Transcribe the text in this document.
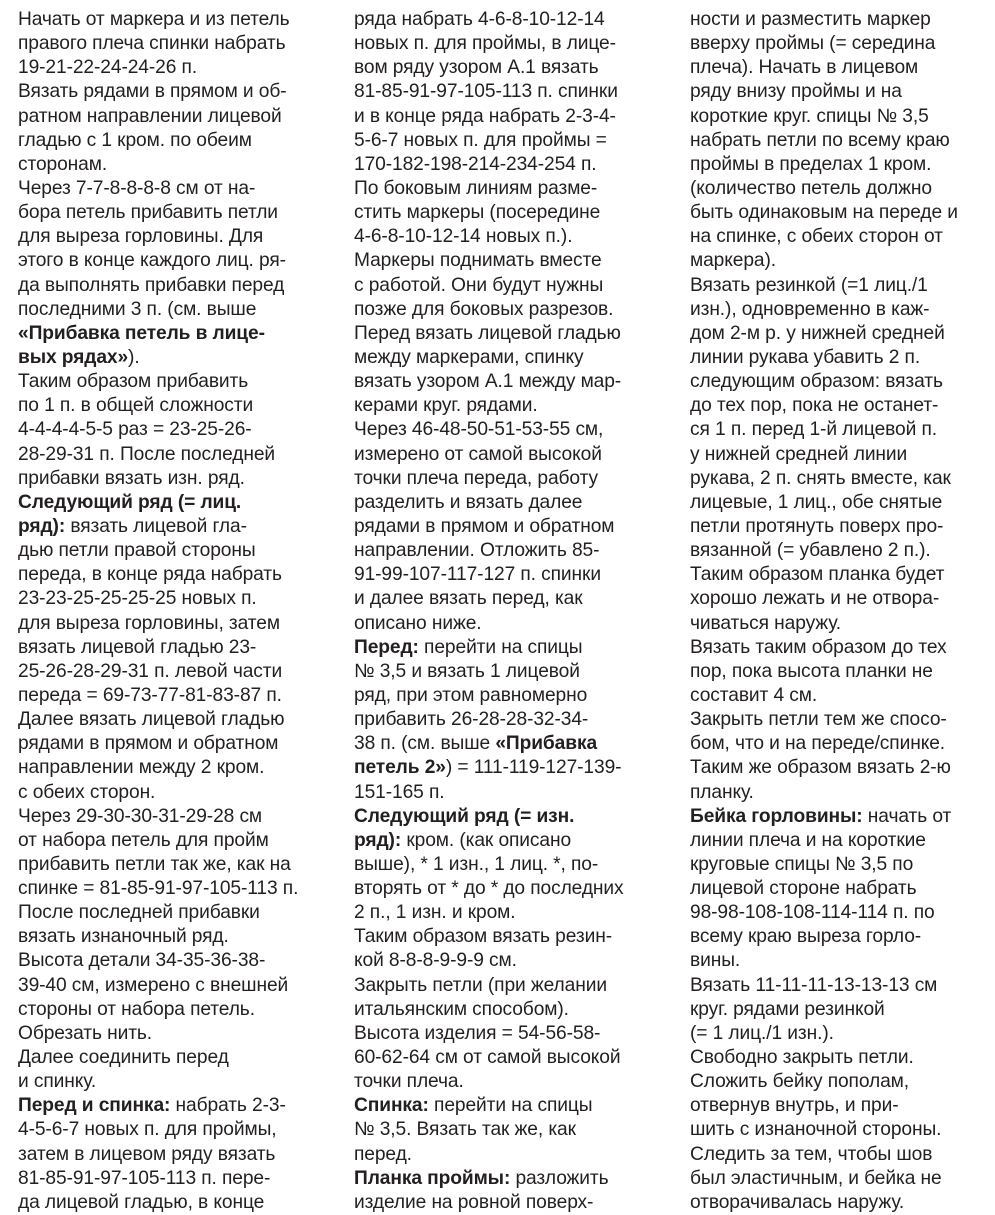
Начать от маркера и из петель
правого плеча спинки набрать
19-21-22-24-24-26 п.
Вязать рядами в прямом и об-
ратном направлении лицевой
гладью с 1 кром. по обеим
сторонам.
Через 7-7-8-8-8-8 см от на-
бора петель прибавить петли
для выреза горловины. Для
этого в конце каждого лиц. ря-
да выполнять прибавки перед
последними 3 п. (см. выше
«Прибавка петель в лице-
вых рядах»).
Таким образом прибавить
по 1 п. в общей сложности
4-4-4-4-5-5 раз = 23-25-26-
28-29-31 п. После последней
прибавки вязать изн. ряд.
Следующий ряд (= лиц.
ряд): вязать лицевой гла-
дью петли правой стороны
переда, в конце ряда набрать
23-23-25-25-25-25 новых п.
для выреза горловины, затем
вязать лицевой гладью 23-
25-26-28-29-31 п. левой части
переда = 69-73-77-81-83-87 п.
Далее вязать лицевой гладью
рядами в прямом и обратном
направлении между 2 кром.
с обеих сторон.
Через 29-30-30-31-29-28 см
от набора петель для пройм
прибавить петли так же, как на
спинке = 81-85-91-97-105-113 п.
После последней прибавки
вязать изнаночный ряд.
Высота детали 34-35-36-38-
39-40 см, измерено с внешней
стороны от набора петель.
Обрезать нить.
Далее соединить перед
и спинку.
Перед и спинка: набрать 2-3-
4-5-6-7 новых п. для проймы,
затем в лицевом ряду вязать
81-85-91-97-105-113 п. пере-
да лицевой гладью, в конце
ряда набрать 4-6-8-10-12-14
новых п. для проймы, в лице-
вом ряду узором А.1 вязать
81-85-91-97-105-113 п. спинки
и в конце ряда набрать 2-3-4-
5-6-7 новых п. для проймы =
170-182-198-214-234-254 п.
По боковым линиям разме-
стить маркеры (посередине
4-6-8-10-12-14 новых п.).
Маркеры поднимать вместе
с работой. Они будут нужны
позже для боковых разрезов.
Перед вязать лицевой гладью
между маркерами, спинку
вязать узором А.1 между мар-
керами круг. рядами.
Через 46-48-50-51-53-55 см,
измерено от самой высокой
точки плеча переда, работу
разделить и вязать далее
рядами в прямом и обратном
направлении. Отложить 85-
91-99-107-117-127 п. спинки
и далее вязать перед, как
описано ниже.
Перед: перейти на спицы
№ 3,5 и вязать 1 лицевой
ряд, при этом равномерно
прибавить 26-28-28-32-34-
38 п. (см. выше «Прибавка
петель 2») = 111-119-127-139-
151-165 п.
Следующий ряд (= изн.
ряд): кром. (как описано
выше), * 1 изн., 1 лиц. *, по-
вторять от * до * до последних
2 п., 1 изн. и кром.
Таким образом вязать резин-
кой 8-8-8-9-9-9 см.
Закрыть петли (при желании
итальянским способом).
Высота изделия = 54-56-58-
60-62-64 см от самой высокой
точки плеча.
Спинка: перейти на спицы
№ 3,5. Вязать так же, как
перед.
Планка проймы: разложить
изделие на ровной поверх-
ности и разместить маркер
вверху проймы (= середина
плеча). Начать в лицевом
ряду внизу проймы и на
короткие круг. спицы № 3,5
набрать петли по всему краю
проймы в пределах 1 кром.
(количество петель должно
быть одинаковым на переде и
на спинке, с обеих сторон от
маркера).
Вязать резинкой (=1 лиц./1
изн.), одновременно в каж-
дом 2-м р. у нижней средней
линии рукава убавить 2 п.
следующим образом: вязать
до тех пор, пока не останет-
ся 1 п. перед 1-й лицевой п.
у нижней средней линии
рукава, 2 п. снять вместе, как
лицевые, 1 лиц., обе снятые
петли протянуть поверх про-
вязанной (= убавлено 2 п.).
Таким образом планка будет
хорошо лежать и не отвора-
чиваться наружу.
Вязать таким образом до тех
пор, пока высота планки не
составит 4 см.
Закрыть петли тем же спосо-
бом, что и на переде/спинке.
Таким же образом вязать 2-ю
планку.
Бейка горловины: начать от
линии плеча и на короткие
круговые спицы № 3,5 по
лицевой стороне набрать
98-98-108-108-114-114 п. по
всему краю выреза горло-
вины.
Вязать 11-11-11-13-13-13 см
круг. рядами резинкой
(= 1 лиц./1 изн.).
Свободно закрыть петли.
Сложить бейку пополам,
отвернув внутрь, и при-
шить с изнаночной стороны.
Следить за тем, чтобы шов
был эластичным, и бейка не
отворачивалась наружу.
